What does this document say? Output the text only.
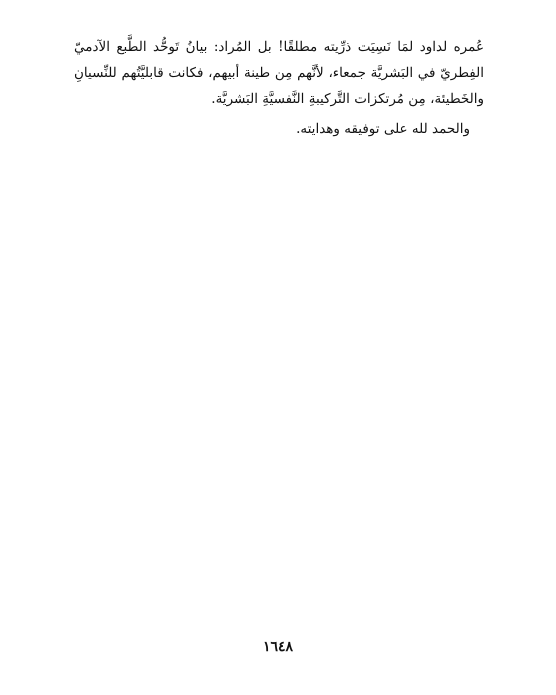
عُمره لداود لمَا نَسِيَت ذرِّيته مطلقًا! بل المُراد: بيانُ تَوحُّد الطَّبع الآدميّ الفِطريّ في البَشريَّة جمعاء، لأنَّهم مِن طينة أبيهم، فكانت قابليَّتُهم للنِّسيانِ والخَطيئة، مِن مُرتكزات التَّركيبةِ النَّفسيَّةِ البَشريَّة.

والحمد لله على توفيقه وهدايته.

١٦٤٨
